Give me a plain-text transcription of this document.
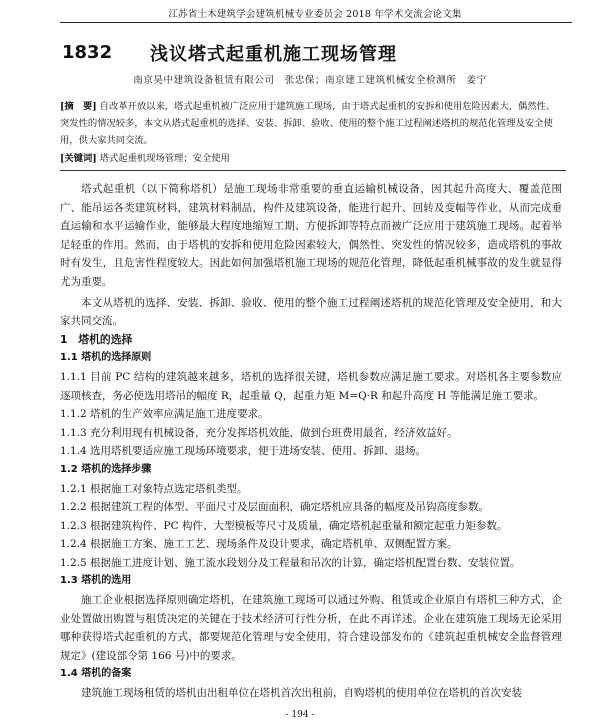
江苏省土木建筑学会建筑机械专业委员会 2018 年学术交流会论文集
1832 浅议塔式起重机施工现场管理
南京昊中建筑设备租赁有限公司　张忠保；南京建工建筑机械安全检测所　姜宁
[摘　要] 自改革开放以来，塔式起重机被广泛应用于建筑施工现场，由于塔式起重机的安拆和使用危险因素大，偶然性、突发性的情况较多，本文从塔式起重机的选择、安装、拆卸、验收、使用的整个施工过程阐述塔机的规范化管理及安全使用，供大家共同交流。
[关键词] 塔式起重机现场管理；安全使用

塔式起重机（以下简称塔机）是施工现场非常重要的垂直运输机械设备，因其起升高度大、覆盖范围广、能吊运各类建筑材料，建筑材料制品，构件及建筑设备，能进行起升、回转及变幅等作业，从而完成垂直运输和水平运输作业，能够最大程度地缩短工期、方便拆卸等特点而被广泛应用于建筑施工现场。起着举足轻重的作用。然而，由于塔机的安拆和使用危险因素较大，偶然性、突发性的情况较多，造成塔机的事故时有发生，且危害性程度较大。因此如何加强塔机施工现场的规范化管理，降低起重机械事故的发生就显得尤为重要。

本文从塔机的选择、安装、拆卸、验收、使用的整个施工过程阐述塔机的规范化管理及安全使用，和大家共同交流。

1　塔机的选择

1.1 塔机的选择原则

1.1.1 目前 PC 结构的建筑越来越多，塔机的选择很关键，塔机参数应满足施工要求。对塔机各主要参数应逐项核查，务必使选用塔吊的幅度 R，起重量 Q，起重力矩 M=Q·R 和起升高度 H 等能满足施工要求。

1.1.2 塔机的生产效率应满足施工进度要求。

1.1.3 充分利用现有机械设备，充分发挥塔机效能，做到台班费用最省，经济效益好。

1.1.4 选用塔机要适应施工现场环境要求，便于进场安装、使用、拆卸、退场。

1.2 塔机的选择步骤

1.2.1 根据施工对象特点选定塔机类型。

1.2.2 根据建筑工程的体型、平面尺寸及层面面积，确定塔机应具备的幅度及吊钩高度参数。

1.2.3 根据建筑构件、PC 构件、大型模板等尺寸及质量，确定塔机起重量和额定起重力矩参数。

1.2.4 根据施工方案、施工工艺、现场条件及设计要求，确定塔机单、双侧配置方案。

1.2.5 根据施工进度计划、施工流水段划分及工程量和吊次的计算，确定塔机配置台数、安装位置。

1.3 塔机的选用

施工企业根据选择原则确定塔机，在建筑施工现场可以通过外购、租赁或企业原自有塔机三种方式，企业处置做出购置与租赁决定的关键在于技术经济可行性分析，在此不再详述。企业在建筑施工现场无论采用哪种获得塔式起重机的方式，都要规范化管理与安全使用，符合建设部发布的《建筑起重机械安全监督管理规定》(建设部令第 166 号)中的要求。

1.4 塔机的备案

建筑施工现场租赁的塔机由出租单位在塔机首次出租前，自购塔机的使用单位在塔机的首次安装

- 194 -
